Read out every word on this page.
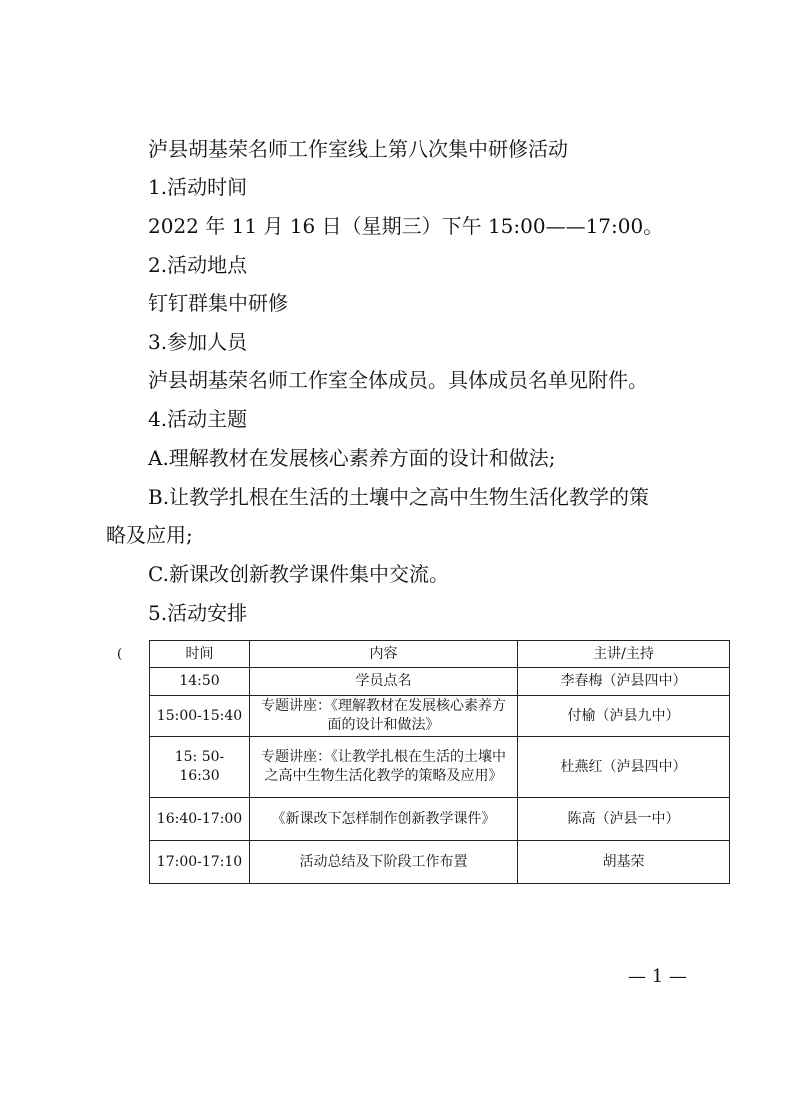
泸县胡基荣名师工作室线上第八次集中研修活动
1.活动时间
2022 年 11 月 16 日（星期三）下午 15:00——17:00。
2.活动地点
钉钉群集中研修
3.参加人员
泸县胡基荣名师工作室全体成员。具体成员名单见附件。
4.活动主题
A.理解教材在发展核心素养方面的设计和做法;
B.让教学扎根在生活的土壤中之高中生物生活化教学的策
略及应用;
C.新课改创新教学课件集中交流。
5.活动安排
(	时间	内容	主讲/主持
14:50	学员点名	李春梅（泸县四中）
15:00-15:40	专题讲座：《理解教材在发展核心素养方面的设计和做法》	付榆（泸县九中）
15: 50-16:30	专题讲座：《让教学扎根在生活的土壤中之高中生物生活化教学的策略及应用》	杜燕红（泸县四中）
16:40-17:00	《新课改下怎样制作创新教学课件》	陈高（泸县一中）
17:00-17:10	活动总结及下阶段工作布置	胡基荣
— 1 —
